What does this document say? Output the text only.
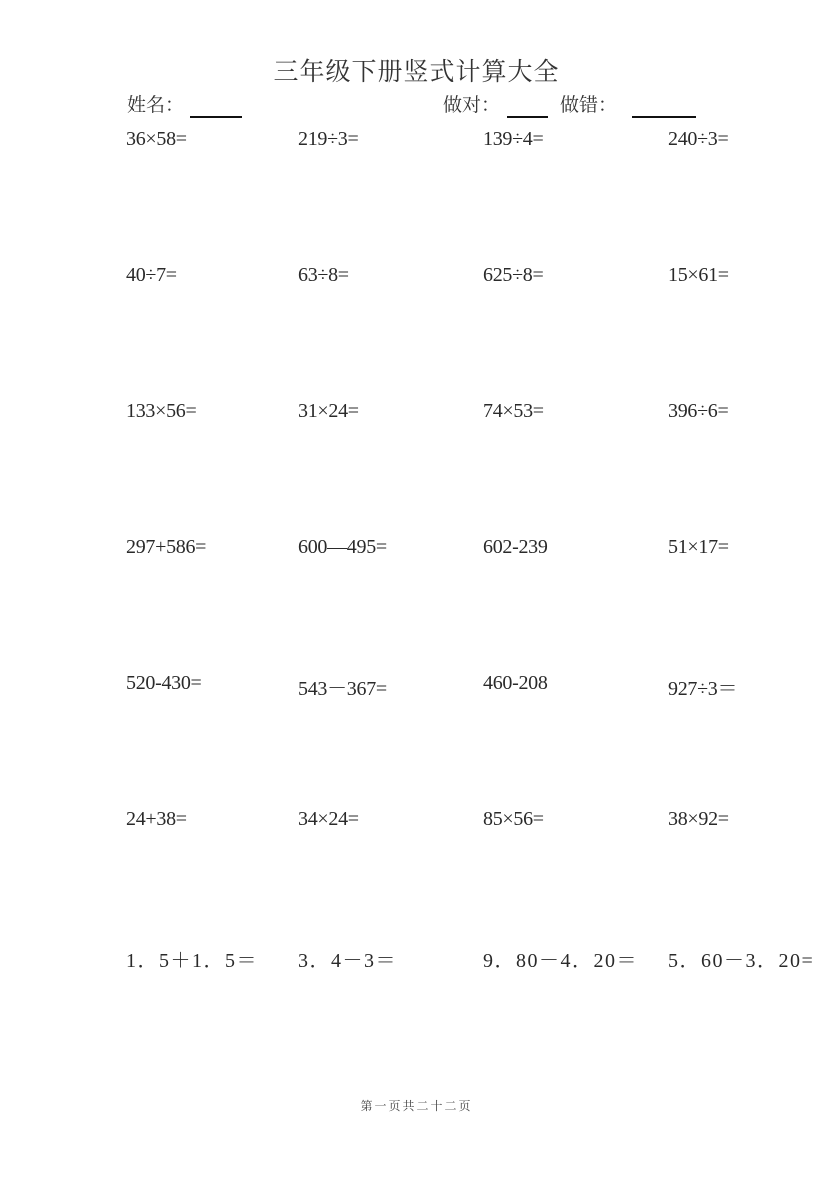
三年级下册竖式计算大全
姓名：	做对：	做错：
36×58=	219÷3=	139÷4=	240÷3=
40÷7=	63÷8=	625÷8=	15×61=
133×56=	31×24=	74×53=	396÷6=
297+586=	600—495=	602-239	51×17=
520-430=	543－367=	460-208	927÷3＝
24+38=	34×24=	85×56=	38×92=
1．5＋1．5＝ 3．4－3＝	9．80－4．20＝ 5．60－3．20=
第一页共二十二页
